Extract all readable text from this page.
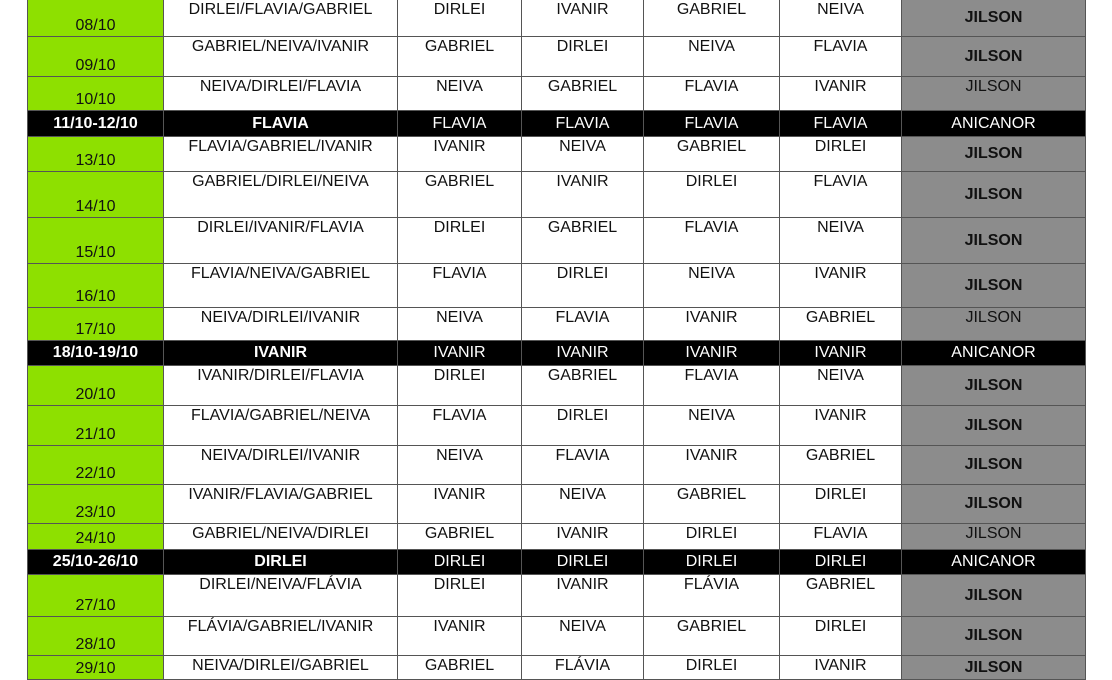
08/10	DIRLEI/FLAVIA/GABRIEL	DIRLEI	IVANIR	GABRIEL	NEIVA	JILSON
09/10	GABRIEL/NEIVA/IVANIR	GABRIEL	DIRLEI	NEIVA	FLAVIA	JILSON
10/10	NEIVA/DIRLEI/FLAVIA	NEIVA	GABRIEL	FLAVIA	IVANIR	JILSON
11/10-12/10	FLAVIA	FLAVIA	FLAVIA	FLAVIA	FLAVIA	ANICANOR
13/10	FLAVIA/GABRIEL/IVANIR	IVANIR	NEIVA	GABRIEL	DIRLEI	JILSON
14/10	GABRIEL/DIRLEI/NEIVA	GABRIEL	IVANIR	DIRLEI	FLAVIA	JILSON
15/10	DIRLEI/IVANIR/FLAVIA	DIRLEI	GABRIEL	FLAVIA	NEIVA	JILSON
16/10	FLAVIA/NEIVA/GABRIEL	FLAVIA	DIRLEI	NEIVA	IVANIR	JILSON
17/10	NEIVA/DIRLEI/IVANIR	NEIVA	FLAVIA	IVANIR	GABRIEL	JILSON
18/10-19/10	IVANIR	IVANIR	IVANIR	IVANIR	IVANIR	ANICANOR
20/10	IVANIR/DIRLEI/FLAVIA	DIRLEI	GABRIEL	FLAVIA	NEIVA	JILSON
21/10	FLAVIA/GABRIEL/NEIVA	FLAVIA	DIRLEI	NEIVA	IVANIR	JILSON
22/10	NEIVA/DIRLEI/IVANIR	NEIVA	FLAVIA	IVANIR	GABRIEL	JILSON
23/10	IVANIR/FLAVIA/GABRIEL	IVANIR	NEIVA	GABRIEL	DIRLEI	JILSON
24/10	GABRIEL/NEIVA/DIRLEI	GABRIEL	IVANIR	DIRLEI	FLAVIA	JILSON
25/10-26/10	DIRLEI	DIRLEI	DIRLEI	DIRLEI	DIRLEI	ANICANOR
27/10	DIRLEI/NEIVA/FLÁVIA	DIRLEI	IVANIR	FLÁVIA	GABRIEL	JILSON
28/10	FLÁVIA/GABRIEL/IVANIR	IVANIR	NEIVA	GABRIEL	DIRLEI	JILSON
29/10	NEIVA/DIRLEI/GABRIEL	GABRIEL	FLÁVIA	DIRLEI	IVANIR	JILSON
